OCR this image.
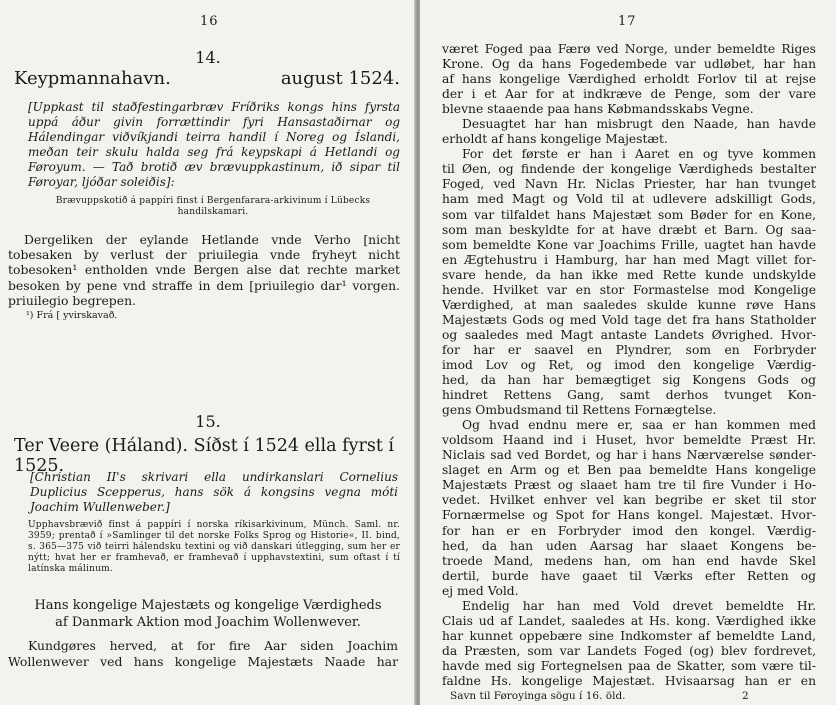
16
14.
Keypmannahavn.	august 1524.
[Uppkast til staðfestingarbræv Fríðriks kongs hins fyrsta uppá áður givin forrættindir fyri Hansastaðirnar og Hálendingar viðvíkjandi teirra handil í Noreg og Íslandi, meðan teir skulu halda seg frá keypskapi á Hetlandi og Føroyum. — Tað brotið æv brævuppkastinum, ið sipar til Føroyar, ljóðar soleiðis]:
Brævuppskotið á pappíri finst í Bergenfarara-arkivinum í Lübecks handilskamari.
Dergeliken der eylande Hetlande vnde Verho [nicht tobesaken by verlust der priuilegia vnde fryheyt nicht tobesoken¹ entholden vnde Bergen alse dat rechte market besoken by pene vnd straffe in dem [priuilegio dar¹ vorgen. priuilegio begrepen.
¹) Frá [ yvirskavað.
15.
Ter Veere (Háland). Síðst í 1524 ella fyrst í 1525.
[Christian II's skrivari ella undirkanslari Cornelius Duplicius Scepperus, hans sök á kongsins vegna móti Joachim Wullenweber.]
Upphavsbrævið finst á pappíri í norska ríkisarkivinum, Münch. Saml. nr. 3959; prentað í »Samlinger til det norske Folks Sprog og Historie«, II. bind, s. 365—375 við teirri hálendsku textini og við danskari útlegging, sum her er nýtt; hvat her er framhevað, er framhevað í upphavstextini, sum oftast í tí latínska málinum.
Hans kongelige Majestæts og kongelige Værdigheds
af Danmark Aktion mod Joachim Wollenwever.
Kundgøres herved, at for fire Aar siden Joachim
Wollenwever ved hans kongelige Majestæts Naade har
17
været Foged paa Færø ved Norge, under bemeldte Riges
Krone. Og da hans Fogedembede var udløbet, har han
af hans kongelige Værdighed erholdt Forlov til at rejse
der i et Aar for at indkræve de Penge, som der vare
blevne staaende paa hans Købmandsskabs Vegne.
Desuagtet har han misbrugt den Naade, han havde
erholdt af hans kongelige Majestæt.
For det første er han i Aaret en og tyve kommen
til Øen, og findende der kongelige Værdigheds bestalter
Foged, ved Navn Hr. Niclas Priester, har han tvunget
ham med Magt og Vold til at udlevere adskilligt Gods,
som var tilfaldet hans Majestæt som Bøder for en Kone,
som man beskyldte for at have dræbt et Barn. Og saa-
som bemeldte Kone var Joachims Frille, uagtet han havde
en Ægtehustru i Hamburg, har han med Magt villet for-
svare hende, da han ikke med Rette kunde undskylde
hende. Hvilket var en stor Formastelse mod Kongelige
Værdighed, at man saaledes skulde kunne røve Hans
Majestæts Gods og med Vold tage det fra hans Statholder
og saaledes med Magt antaste Landets Øvrighed. Hvor-
for har er saavel en Plyndrer, som en Forbryder
imod Lov og Ret, og imod den kongelige Værdig-
hed, da han har bemægtiget sig Kongens Gods og
hindret Rettens Gang, samt derhos tvunget Kon-
gens Ombudsmand til Rettens Fornægtelse.
Og hvad endnu mere er, saa er han kommen med
voldsom Haand ind i Huset, hvor bemeldte Præst Hr.
Niclais sad ved Bordet, og har i hans Nærværelse sønder-
slaget en Arm og et Ben paa bemeldte Hans kongelige
Majestæts Præst og slaaet ham tre til fire Vunder i Ho-
vedet. Hvilket enhver vel kan begribe er sket til stor
Fornærmelse og Spot for Hans kongel. Majestæt. Hvor-
for han er en Forbryder imod den kongel. Værdig-
hed, da han uden Aarsag har slaaet Kongens be-
troede Mand, medens han, om han end havde Skel
dertil, burde have gaaet til Værks efter Retten og
ej med Vold.
Endelig har han med Vold drevet bemeldte Hr.
Clais ud af Landet, saaledes at Hs. kong. Værdighed ikke
har kunnet oppebære sine Indkomster af bemeldte Land,
da Præsten, som var Landets Foged (og) blev fordrevet,
havde med sig Fortegnelsen paa de Skatter, som være til-
faldne Hs. kongelige Majestæt. Hvisaarsag han er en
Savn til Føroyinga sögu í 16. öld.	2
